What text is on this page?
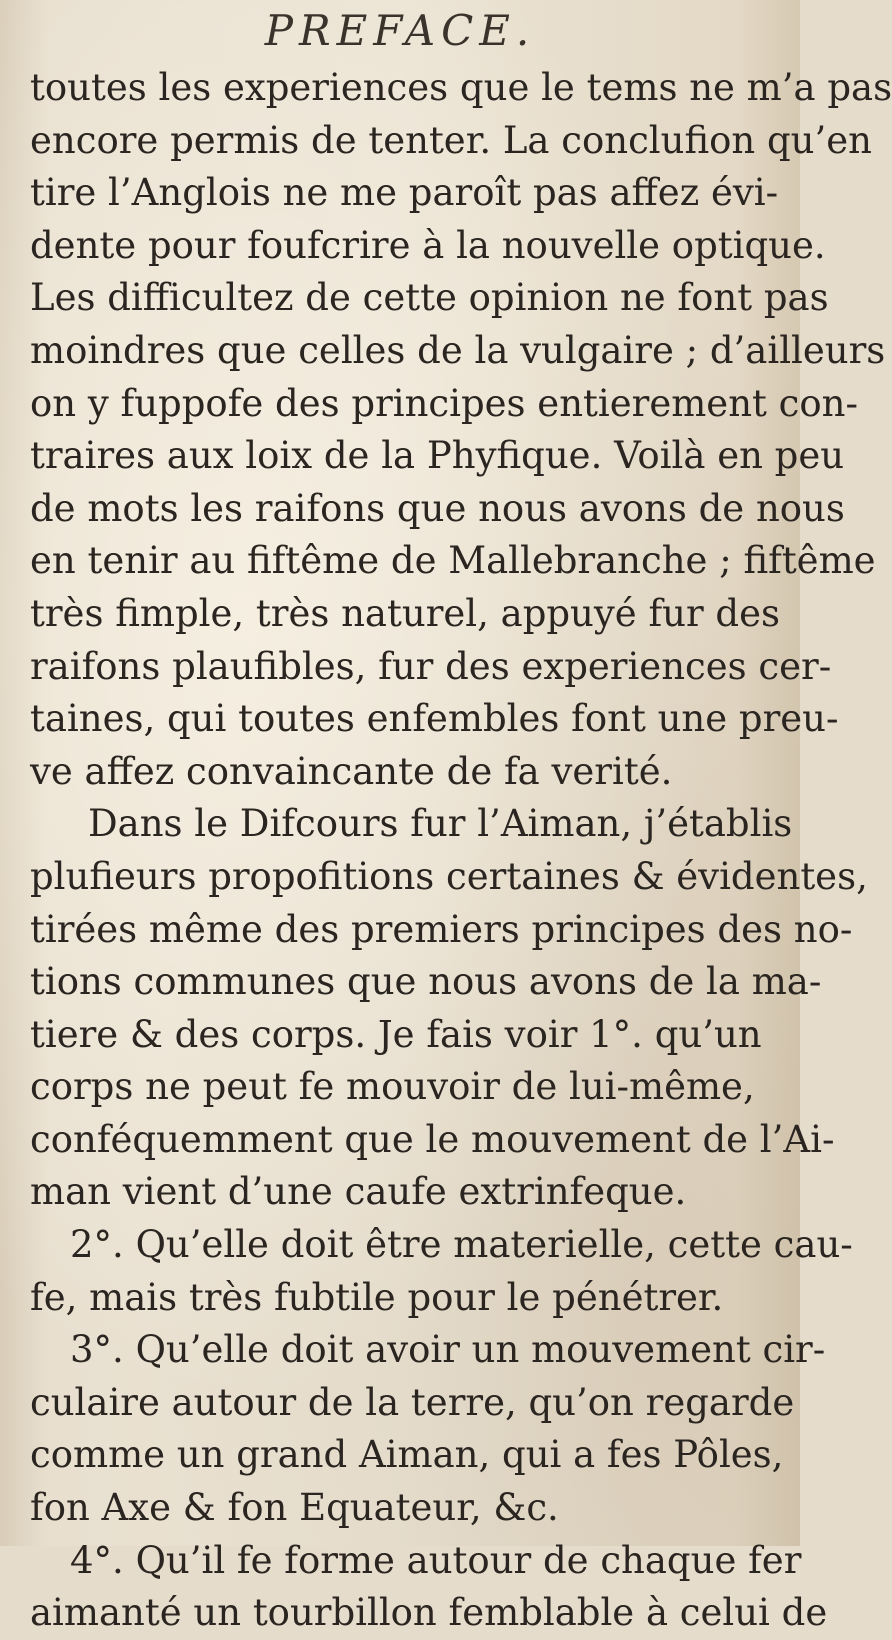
PREFACE.
toutes les experiences que le tems ne m’a pas
encore permis de tenter. La conclufion qu’en
tire l’Anglois ne me paroît pas affez évi-
dente pour foufcrire à la nouvelle optique.
Les difficultez de cette opinion ne font pas
moindres que celles de la vulgaire ; d’ailleurs
on y fuppofe des principes entierement con-
traires aux loix de la Phyfique. Voilà en peu
de mots les raifons que nous avons de nous
en tenir au fiftême de Mallebranche ; fiftême
très fimple, très naturel, appuyé fur des
raifons plaufibles, fur des experiences cer-
taines, qui toutes enfembles font une preu-
ve affez convaincante de fa verité.
Dans le Difcours fur l’Aiman, j’établis
plufieurs propofitions certaines & évidentes,
tirées même des premiers principes des no-
tions communes que nous avons de la ma-
tiere & des corps. Je fais voir 1°. qu’un
corps ne peut fe mouvoir de lui-même,
conféquemment que le mouvement de l’Ai-
man vient d’une caufe extrinfeque.
2°. Qu’elle doit être materielle, cette cau-
fe, mais très fubtile pour le pénétrer.
3°. Qu’elle doit avoir un mouvement cir-
culaire autour de la terre, qu’on regarde
comme un grand Aiman, qui a fes Pôles,
fon Axe & fon Equateur, &c.
4°. Qu’il fe forme autour de chaque fer
aimanté un tourbillon femblable à celui de
